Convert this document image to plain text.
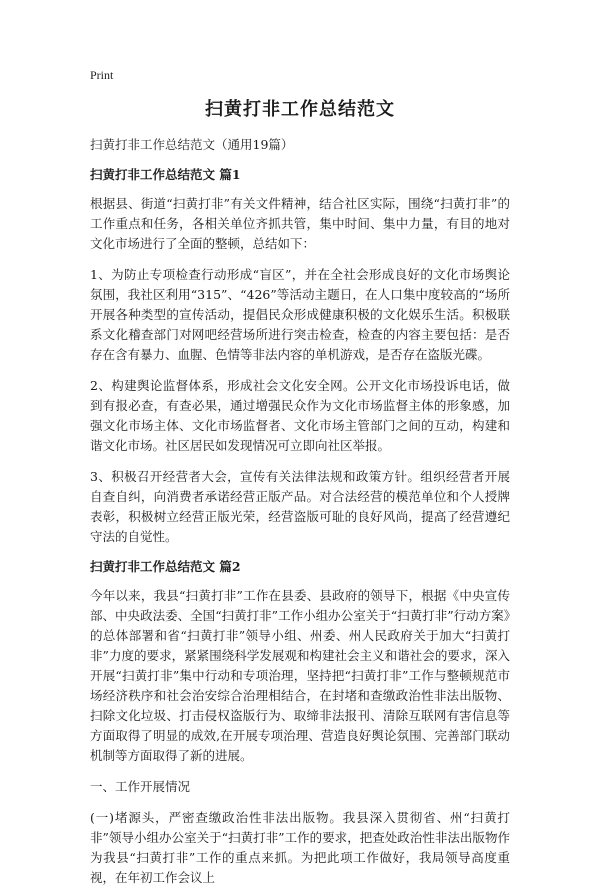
Print
扫黄打非工作总结范文
扫黄打非工作总结范文（通用19篇）
扫黄打非工作总结范文 篇1

根据县、街道“扫黄打非”有关文件精神，结合社区实际，围绕“扫黄打非”的工作重点和任务，各相关单位齐抓共管，集中时间、集中力量，有目的地对文化市场进行了全面的整顿，总结如下：

1、为防止专项检查行动形成“盲区”，并在全社会形成良好的文化市场舆论氛围，我社区利用“315”、“426”等活动主题日，在人口集中度较高的“场所开展各种类型的宣传活动，提倡民众形成健康积极的文化娱乐生活。积极联系文化稽查部门对网吧经营场所进行突击检查，检查的内容主要包括：是否存在含有暴力、血腥、色情等非法内容的单机游戏，是否存在盗版光碟。

2、构建舆论监督体系，形成社会文化安全网。公开文化市场投诉电话，做到有报必查，有查必果，通过增强民众作为文化市场监督主体的形象感，加强文化市场主体、文化市场监督者、文化市场主管部门之间的互动，构建和谐文化市场。社区居民如发现情况可立即向社区举报。

3、积极召开经营者大会，宣传有关法律法规和政策方针。组织经营者开展自查自纠，向消费者承诺经营正版产品。对合法经营的模范单位和个人授牌表彰，积极树立经营正版光荣，经营盗版可耻的良好风尚，提高了经营遵纪守法的自觉性。

扫黄打非工作总结范文 篇2

今年以来，我县“扫黄打非”工作在县委、县政府的领导下，根据《中央宣传部、中央政法委、全国“扫黄打非”工作小组办公室关于“扫黄打非”行动方案》的总体部署和省“扫黄打非”领导小组、州委、州人民政府关于加大“扫黄打非”力度的要求，紧紧围绕科学发展观和构建社会主义和谐社会的要求，深入开展“扫黄打非”集中行动和专项治理，坚持把“扫黄打非”工作与整顿规范市场经济秩序和社会治安综合治理相结合，在封堵和查缴政治性非法出版物、扫除文化垃圾、打击侵权盗版行为、取缔非法报刊、清除互联网有害信息等方面取得了明显的成效,在开展专项治理、营造良好舆论氛围、完善部门联动机制等方面取得了新的进展。

一、工作开展情况

(一)堵源头，严密查缴政治性非法出版物。我县深入贯彻省、州“扫黄打非”领导小组办公室关于“扫黄打非”工作的要求，把查处政治性非法出版物作为我县“扫黄打非”工作的重点来抓。为把此项工作做好，我局领导高度重视，在年初工作会议上
